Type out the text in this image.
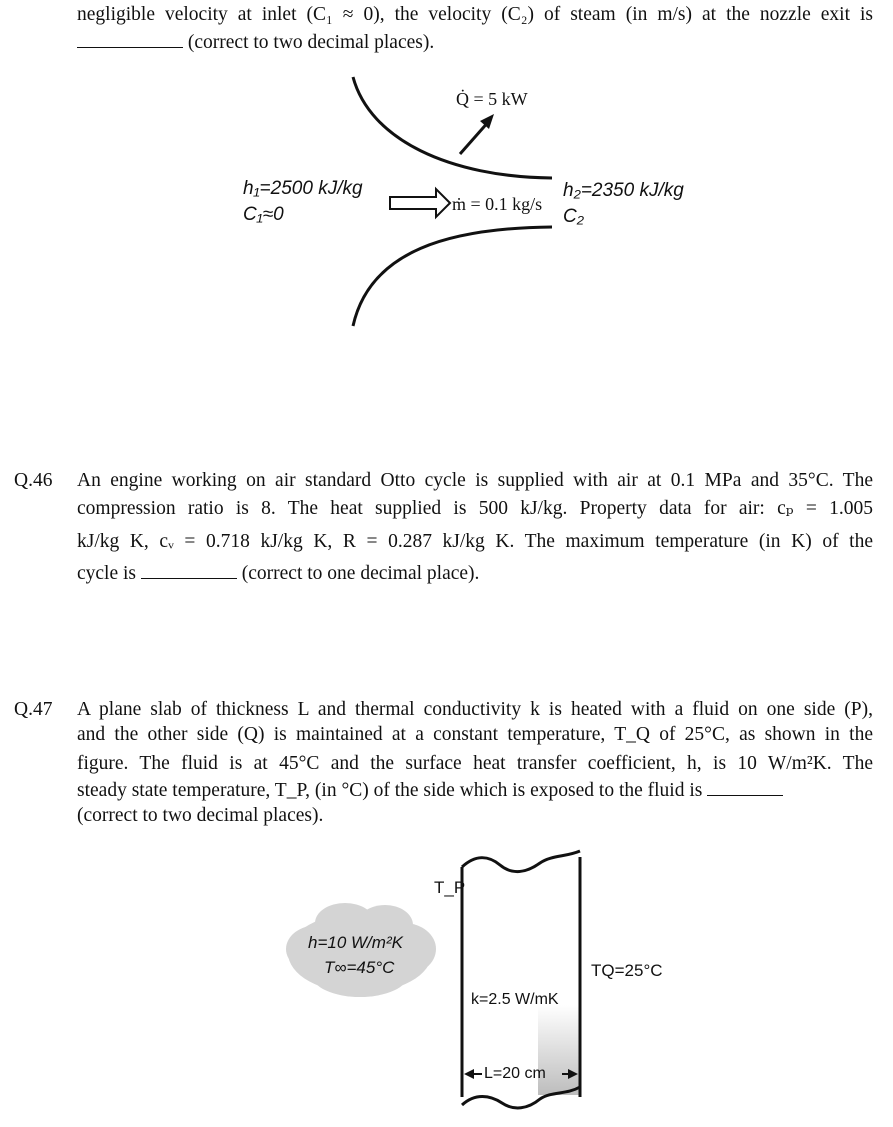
negligible velocity at inlet (C₁ ≈ 0), the velocity (C₂) of steam (in m/s) at the nozzle exit is
(correct to two decimal places).
Q̇ = 5 kW
h₁=2500 kJ/kg
C₁≈0	ṁ = 0.1 kg/s
h₂=2350 kJ/kg
C₂
Q.46 An engine working on air standard Otto cycle is supplied with air at 0.1 MPa and 35°C. The
compression ratio is 8. The heat supplied is 500 kJ/kg. Property data for air: cₚ = 1.005
kJ/kg K, cᵥ = 0.718 kJ/kg K, R = 0.287 kJ/kg K. The maximum temperature (in K) of the
cycle is	(correct to one decimal place).
Q.47 A plane slab of thickness L and thermal conductivity k is heated with a fluid on one side (P),
and the other side (Q) is maintained at a constant temperature, T_Q of 25°C, as shown in the
figure. The fluid is at 45°C and the surface heat transfer coefficient, h, is 10 W/m²K. The
steady state temperature, T_P, (in °C) of the side which is exposed to the fluid is
(correct to two decimal places).
T_P
h=10 W/m²K
T∞=45°C	TQ=25°C
k=2.5 W/mK
L=20 cm
